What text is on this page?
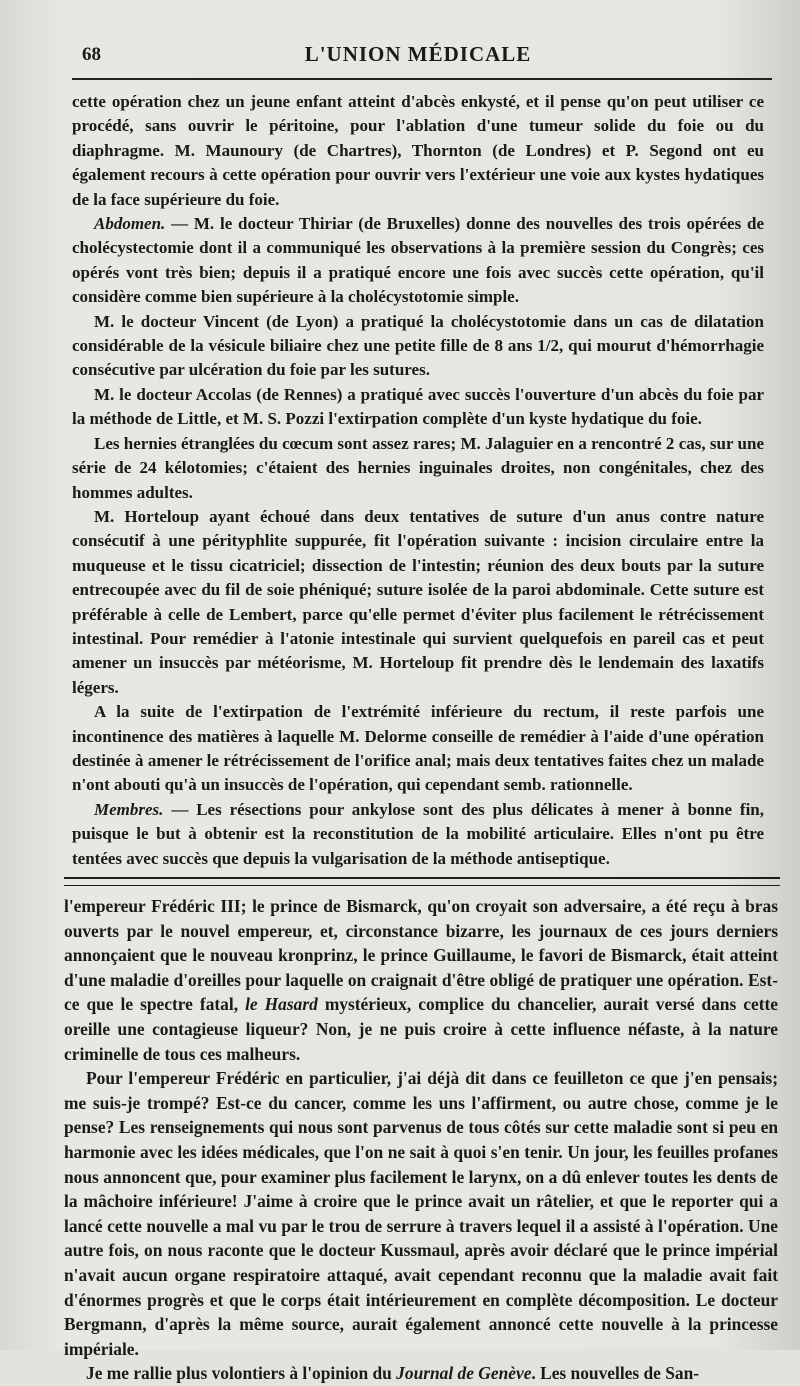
68	L'UNION MÉDICALE

cette opération chez un jeune enfant atteint d'abcès enkysté, et il pense qu'on peut utiliser ce procédé, sans ouvrir le péritoine, pour l'ablation d'une tumeur solide du foie ou du diaphragme. M. Maunoury (de Chartres), Thornton (de Londres) et P. Segond ont eu également recours à cette opération pour ouvrir vers l'extérieur une voie aux kystes hydatiques de la face supérieure du foie.

Abdomen. — M. le docteur Thiriar (de Bruxelles) donne des nouvelles des trois opérées de cholécystectomie dont il a communiqué les observations à la première session du Congrès; ces opérés vont très bien; depuis il a pratiqué encore une fois avec succès cette opération, qu'il considère comme bien supérieure à la cholécystotomie simple.

M. le docteur Vincent (de Lyon) a pratiqué la cholécystotomie dans un cas de dilatation considérable de la vésicule biliaire chez une petite fille de 8 ans 1/2, qui mourut d'hémorrhagie consécutive par ulcération du foie par les sutures.

M. le docteur Accolas (de Rennes) a pratiqué avec succès l'ouverture d'un abcès du foie par la méthode de Little, et M. S. Pozzi l'extirpation complète d'un kyste hydatique du foie.

Les hernies étranglées du cœcum sont assez rares; M. Jalaguier en a rencontré 2 cas, sur une série de 24 kélotomies; c'étaient des hernies inguinales droites, non congénitales, chez des hommes adultes.

M. Horteloup ayant échoué dans deux tentatives de suture d'un anus contre nature consécutif à une pérityphlite suppurée, fit l'opération suivante : incision circulaire entre la muqueuse et le tissu cicatriciel; dissection de l'intestin; réunion des deux bouts par la suture entrecoupée avec du fil de soie phéniqué; suture isolée de la paroi abdominale. Cette suture est préférable à celle de Lembert, parce qu'elle permet d'éviter plus facilement le rétrécissement intestinal. Pour remédier à l'atonie intestinale qui survient quelquefois en pareil cas et peut amener un insuccès par météorisme, M. Horteloup fit prendre dès le lendemain des laxatifs légers.

A la suite de l'extirpation de l'extrémité inférieure du rectum, il reste parfois une incontinence des matières à laquelle M. Delorme conseille de remédier à l'aide d'une opération destinée à amener le rétrécissement de l'orifice anal; mais deux tentatives faites chez un malade n'ont abouti qu'à un insuccès de l'opération, qui cependant semb. rationnelle.

Membres. — Les résections pour ankylose sont des plus délicates à mener à bonne fin, puisque le but à obtenir est la reconstitution de la mobilité articulaire. Elles n'ont pu être tentées avec succès que depuis la vulgarisation de la méthode antiseptique.

l'empereur Frédéric III; le prince de Bismarck, qu'on croyait son adversaire, a été reçu à bras ouverts par le nouvel empereur, et, circonstance bizarre, les journaux de ces jours derniers annonçaient que le nouveau kronprinz, le prince Guillaume, le favori de Bismarck, était atteint d'une maladie d'oreilles pour laquelle on craignait d'être obligé de pratiquer une opération. Est-ce que le spectre fatal, le Hasard mystérieux, complice du chancelier, aurait versé dans cette oreille une contagieuse liqueur? Non, je ne puis croire à cette influence néfaste, à la nature criminelle de tous ces malheurs.

Pour l'empereur Frédéric en particulier, j'ai déjà dit dans ce feuilleton ce que j'en pensais; me suis-je trompé? Est-ce du cancer, comme les uns l'affirment, ou autre chose, comme je le pense? Les renseignements qui nous sont parvenus de tous côtés sur cette maladie sont si peu en harmonie avec les idées médicales, que l'on ne sait à quoi s'en tenir. Un jour, les feuilles profanes nous annoncent que, pour examiner plus facilement le larynx, on a dû enlever toutes les dents de la mâchoire inférieure! J'aime à croire que le prince avait un râtelier, et que le reporter qui a lancé cette nouvelle a mal vu par le trou de serrure à travers lequel il a assisté à l'opération. Une autre fois, on nous raconte que le docteur Kussmaul, après avoir déclaré que le prince impérial n'avait aucun organe respiratoire attaqué, avait cependant reconnu que la maladie avait fait d'énormes progrès et que le corps était intérieurement en complète décomposition. Le docteur Bergmann, d'après la même source, aurait également annoncé cette nouvelle à la princesse impériale.

Je me rallie plus volontiers à l'opinion du Journal de Genève. Les nouvelles de San-
